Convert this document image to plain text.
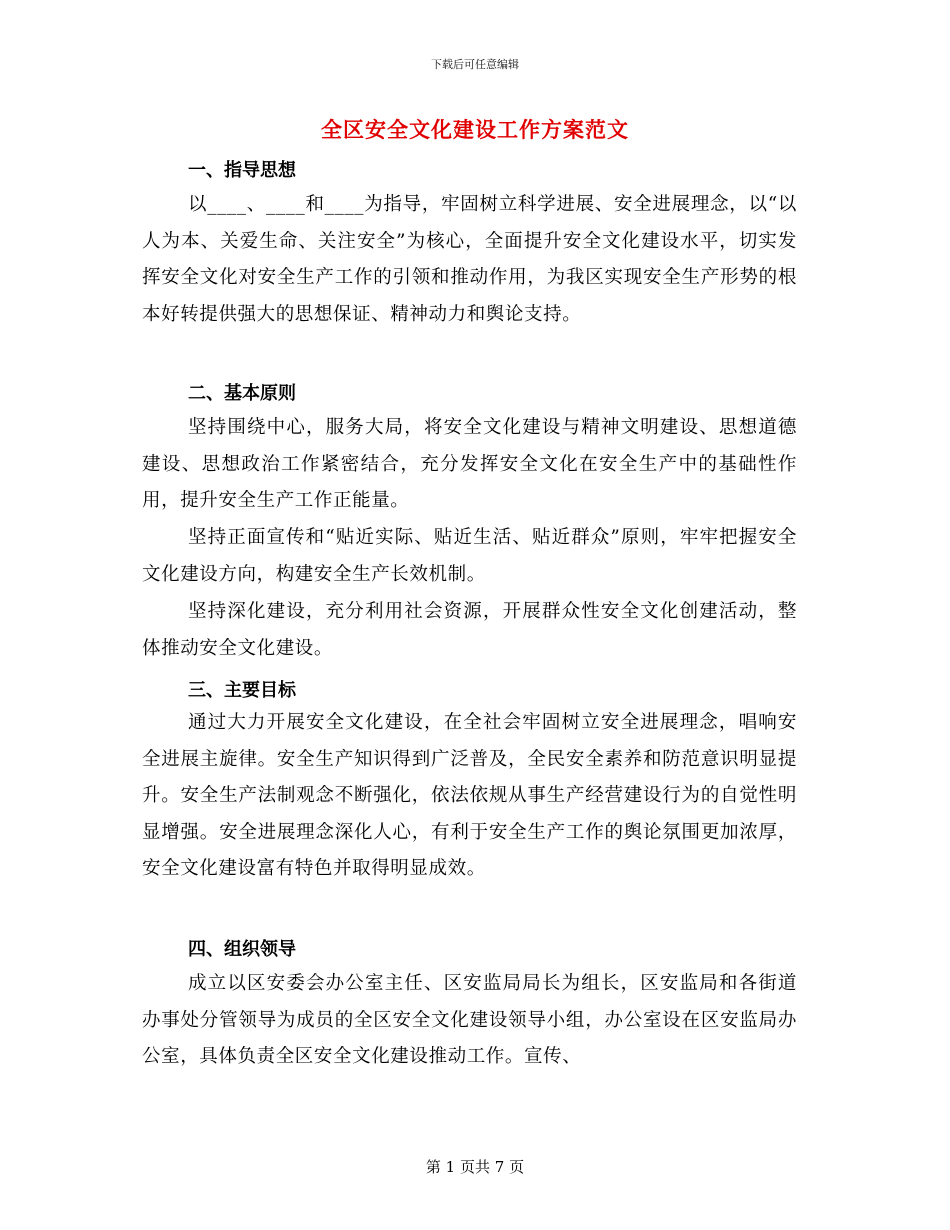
下载后可任意编辑
全区安全文化建设工作方案范文
一、指导思想

以____、____和____为指导，牢固树立科学进展、安全进展理念，以“以人为本、关爱生命、关注安全”为核心，全面提升安全文化建设水平，切实发挥安全文化对安全生产工作的引领和推动作用，为我区实现安全生产形势的根本好转提供强大的思想保证、精神动力和舆论支持。

二、基本原则

坚持围绕中心，服务大局，将安全文化建设与精神文明建设、思想道德建设、思想政治工作紧密结合，充分发挥安全文化在安全生产中的基础性作用，提升安全生产工作正能量。

坚持正面宣传和“贴近实际、贴近生活、贴近群众”原则，牢牢把握安全文化建设方向，构建安全生产长效机制。

坚持深化建设，充分利用社会资源，开展群众性安全文化创建活动，整体推动安全文化建设。

三、主要目标

通过大力开展安全文化建设，在全社会牢固树立安全进展理念，唱响安全进展主旋律。安全生产知识得到广泛普及，全民安全素养和防范意识明显提升。安全生产法制观念不断强化，依法依规从事生产经营建设行为的自觉性明显增强。安全进展理念深化人心，有利于安全生产工作的舆论氛围更加浓厚，安全文化建设富有特色并取得明显成效。

四、组织领导

成立以区安委会办公室主任、区安监局局长为组长，区安监局和各街道办事处分管领导为成员的全区安全文化建设领导小组，办公室设在区安监局办公室，具体负责全区安全文化建设推动工作。宣传、

第 1 页共 7 页
